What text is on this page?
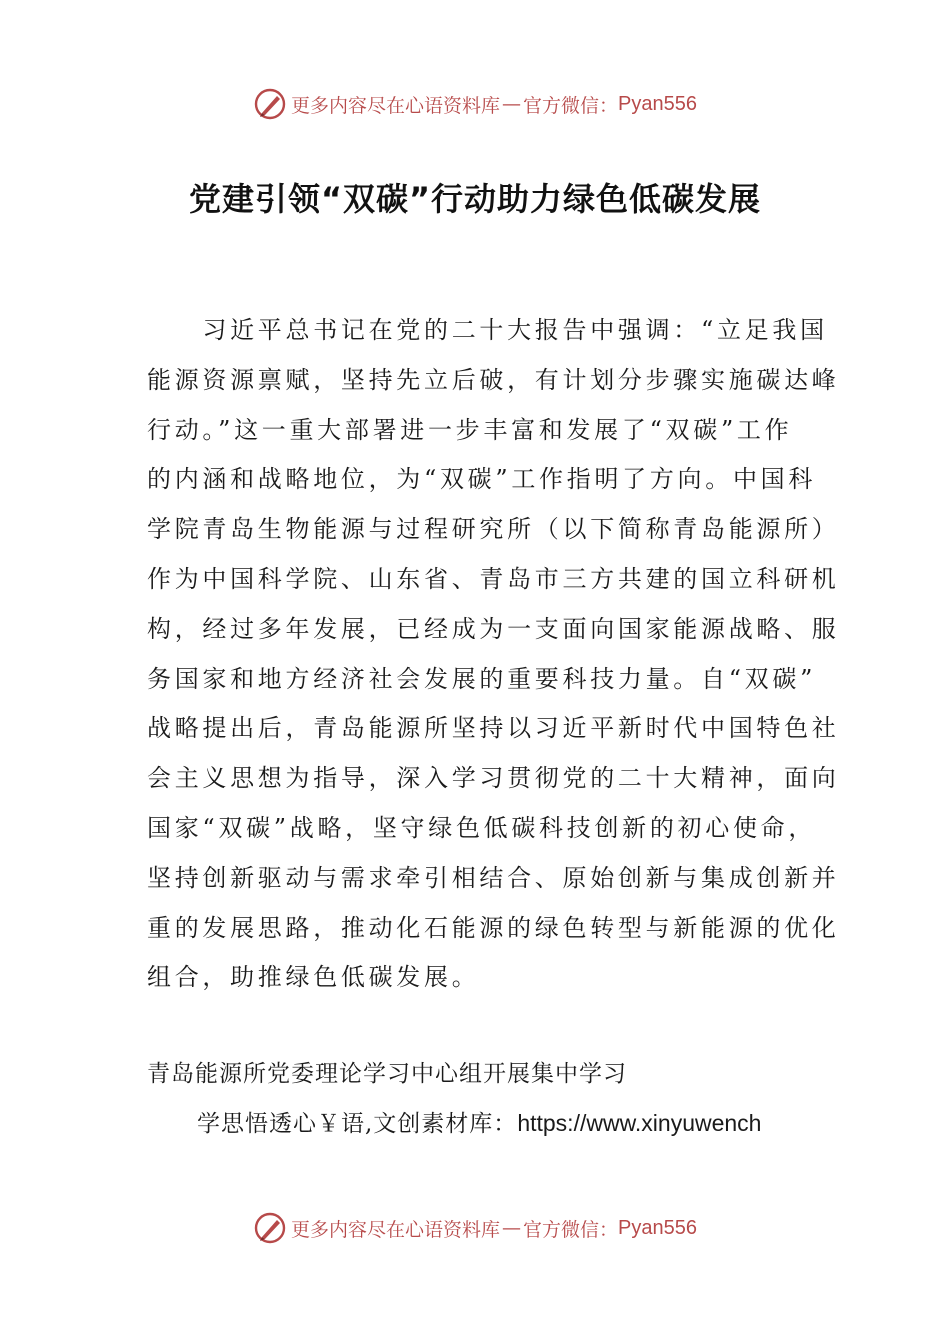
更多内容尽在心语资料库 — 官方微信： Pyan556
党建引领“双碳”行动助力绿色低碳发展
　　习近平总书记在党的二十大报告中强调：“立足我国
能源资源禀赋，坚持先立后破，有计划分步骤实施碳达峰
行动。”这一重大部署进一步丰富和发展了“双碳”工作
的内涵和战略地位，为“双碳”工作指明了方向。中国科
学院青岛生物能源与过程研究所（以下简称青岛能源所）
作为中国科学院、山东省、青岛市三方共建的国立科研机
构，经过多年发展，已经成为一支面向国家能源战略、服
务国家和地方经济社会发展的重要科技力量。自“双碳”
战略提出后，青岛能源所坚持以习近平新时代中国特色社
会主义思想为指导，深入学习贯彻党的二十大精神，面向
国家“双碳”战略，坚守绿色低碳科技创新的初心使命，
坚持创新驱动与需求牵引相结合、原始创新与集成创新并
重的发展思路，推动化石能源的绿色转型与新能源的优化
组合，助推绿色低碳发展。
青岛能源所党委理论学习中心组开展集中学习
学思悟透心￥语,文创素材库：https://www.xinyuwench
更多内容尽在心语资料库 — 官方微信： Pyan556
